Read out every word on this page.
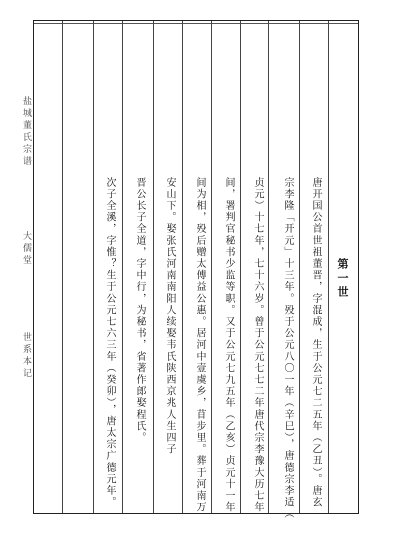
盐城董氏宗谱
大儒堂
世系本记
第一世
唐开国公首世祖董晋，字混成，生于公元七二五年（乙丑）。唐玄
宗李隆「开元」十三年。殁于公元八〇一年（辛巳），唐德宗李适（
贞元）十七年，七十六岁。曾于公元七七二年唐代宗李豫大历七年
间，署判官秘书少监等职。又于公元七九五年（乙亥）贞元十一年
间为相，殁后赠太傅益公惠。居河中壹虞乡，苜步里。葬于河南万
安山下。娶张氏河南南阳人续娶韦氏陕西京兆人生四子
晋公长子全道，字中行，为秘书，省著作郎娶程氏。
次子全溪，字惟？生于公元七六三年（癸卯），唐太宗广德元年。
